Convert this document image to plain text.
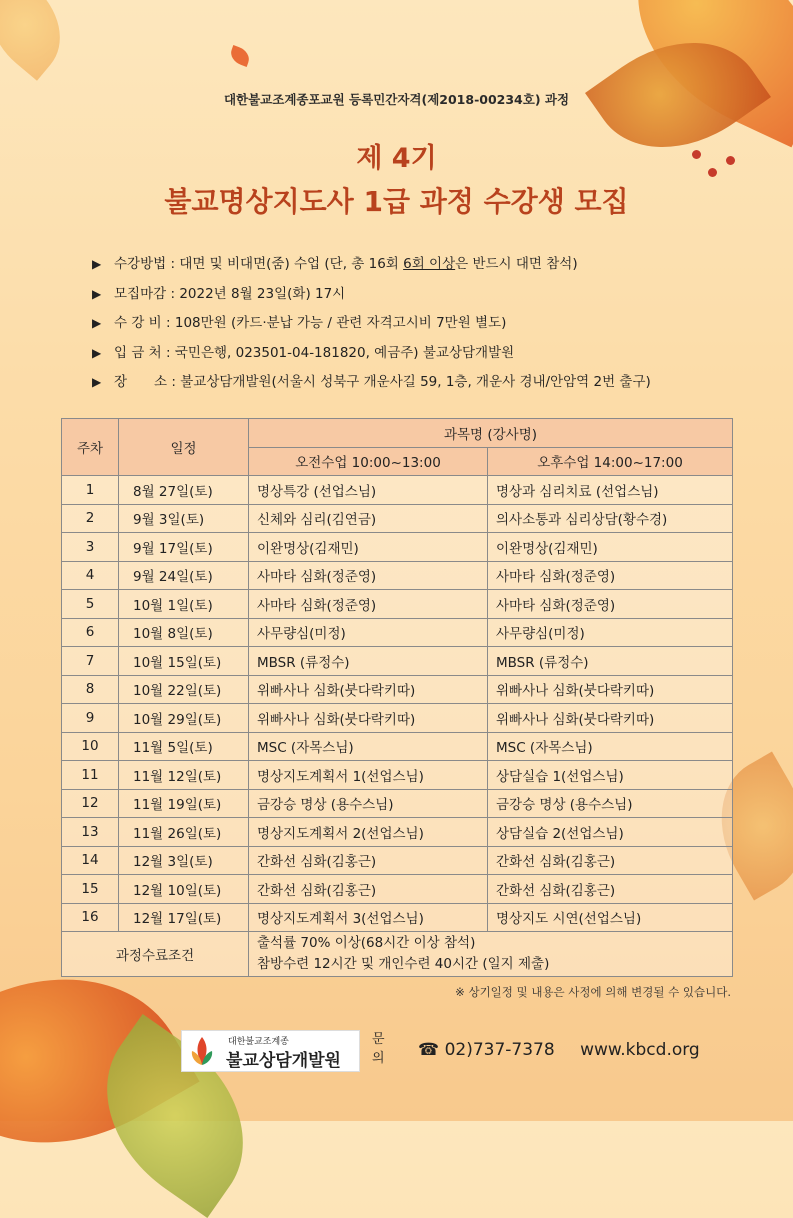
대한불교조계종포교원 등록민간자격(제2018-00234호) 과정
제 4기
불교명상지도사 1급 과정 수강생 모집
▶ 수강방법 : 대면 및 비대면(줌) 수업 (단, 총 16회 6회 이상은 반드시 대면 참석)
▶ 모집마감 : 2022년 8월 23일(화) 17시
▶ 수 강 비 : 108만원 (카드·분납 가능 / 관련 자격고시비 7만원 별도)
▶ 입 금 처 : 국민은행, 023501-04-181820, 예금주) 불교상담개발원
▶ 장　　소 : 불교상담개발원(서울시 성북구 개운사길 59, 1층, 개운사 경내/안암역 2번 출구)
주차	일정	과목명 (강사명)	
		오전수업 10:00~13:00	오후수업 14:00~17:00
1	8월 27일(토)	명상특강 (선업스님)	명상과 심리치료 (선업스님)
2	9월 3일(토)	신체와 심리(김연금)	의사소통과 심리상담(황수경)
3	9월 17일(토)	이완명상(김재민)	이완명상(김재민)
4	9월 24일(토)	사마타 심화(정준영)	사마타 심화(정준영)
5	10월 1일(토)	사마타 심화(정준영)	사마타 심화(정준영)
6	10월 8일(토)	사무량심(미정)	사무량심(미정)
7	10월 15일(토)	MBSR (류정수)	MBSR (류정수)
8	10월 22일(토)	위빠사나 심화(붓다락키따)	위빠사나 심화(붓다락키따)
9	10월 29일(토)	위빠사나 심화(붓다락키따)	위빠사나 심화(붓다락키따)
10	11월 5일(토)	MSC (자목스님)	MSC (자목스님)
11	11월 12일(토)	명상지도계획서 1(선업스님)	상담실습 1(선업스님)
12	11월 19일(토)	금강승 명상 (용수스님)	금강승 명상 (용수스님)
13	11월 26일(토)	명상지도계획서 2(선업스님)	상담실습 2(선업스님)
14	12월 3일(토)	간화선 심화(김홍근)	간화선 심화(김홍근)
15	12월 10일(토)	간화선 심화(김홍근)	간화선 심화(김홍근)
16	12월 17일(토)	명상지도계획서 3(선업스님)	명상지도 시연(선업스님)
과정수료조건		출석률 70% 이상(68시간 이상 참석)
참방수련 12시간 및 개인수련 40시간 (일지 제출)	
※ 상기일정 및 내용은 사정에 의해 변경될 수 있습니다.
대한불교조계종
불교상담개발원
문
의 ☎ 02)737-7378 www.kbcd.org
